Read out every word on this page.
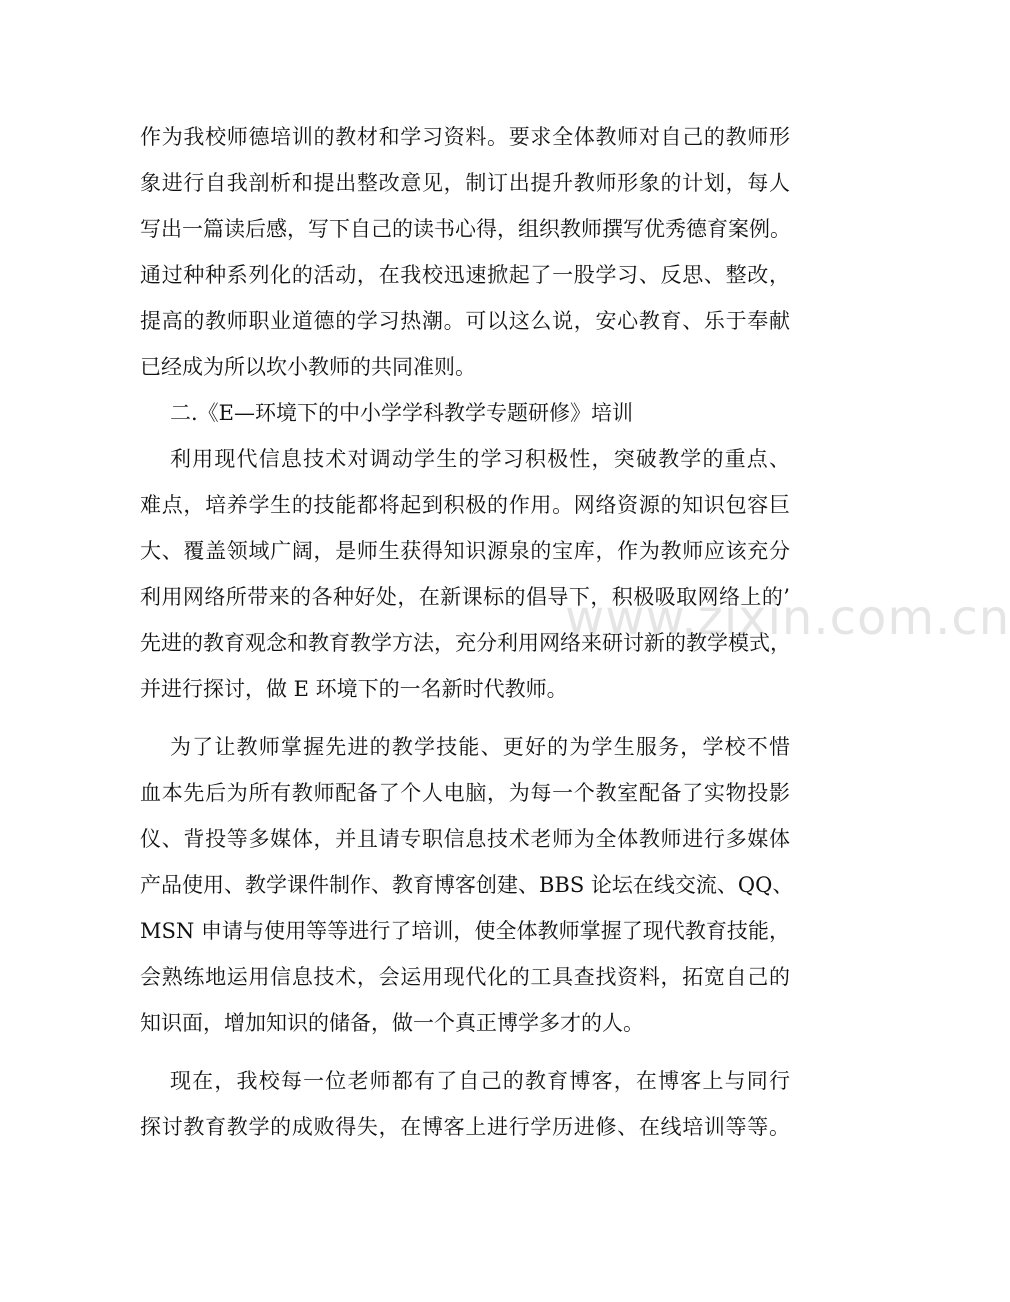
作为我校师德培训的教材和学习资料。要求全体教师对自己的教师形
象进行自我剖析和提出整改意见，制订出提升教师形象的计划，每人
写出一篇读后感，写下自己的读书心得，组织教师撰写优秀德育案例。
通过种种系列化的活动，在我校迅速掀起了一股学习、反思、整改，
提高的教师职业道德的学习热潮。可以这么说，安心教育、乐于奉献
已经成为所以坎小教师的共同准则。
二.《E—环境下的中小学学科教学专题研修》培训
利用现代信息技术对调动学生的学习积极性，突破教学的重点、
难点，培养学生的技能都将起到积极的作用。网络资源的知识包容巨
大、覆盖领域广阔，是师生获得知识源泉的宝库，作为教师应该充分
利用网络所带来的各种好处，在新课标的倡导下，积极吸取网络上的’
先进的教育观念和教育教学方法，充分利用网络来研讨新的教学模式，
并进行探讨，做 E 环境下的一名新时代教师。
为了让教师掌握先进的教学技能、更好的为学生服务，学校不惜
血本先后为所有教师配备了个人电脑，为每一个教室配备了实物投影
仪、背投等多媒体，并且请专职信息技术老师为全体教师进行多媒体
产品使用、教学课件制作、教育博客创建、BBS 论坛在线交流、QQ、
MSN 申请与使用等等进行了培训，使全体教师掌握了现代教育技能，
会熟练地运用信息技术，会运用现代化的工具查找资料，拓宽自己的
知识面，增加知识的储备，做一个真正博学多才的人。
现在，我校每一位老师都有了自己的教育博客，在博客上与同行
探讨教育教学的成败得失，在博客上进行学历进修、在线培训等等。
www.zixin.com.cn
